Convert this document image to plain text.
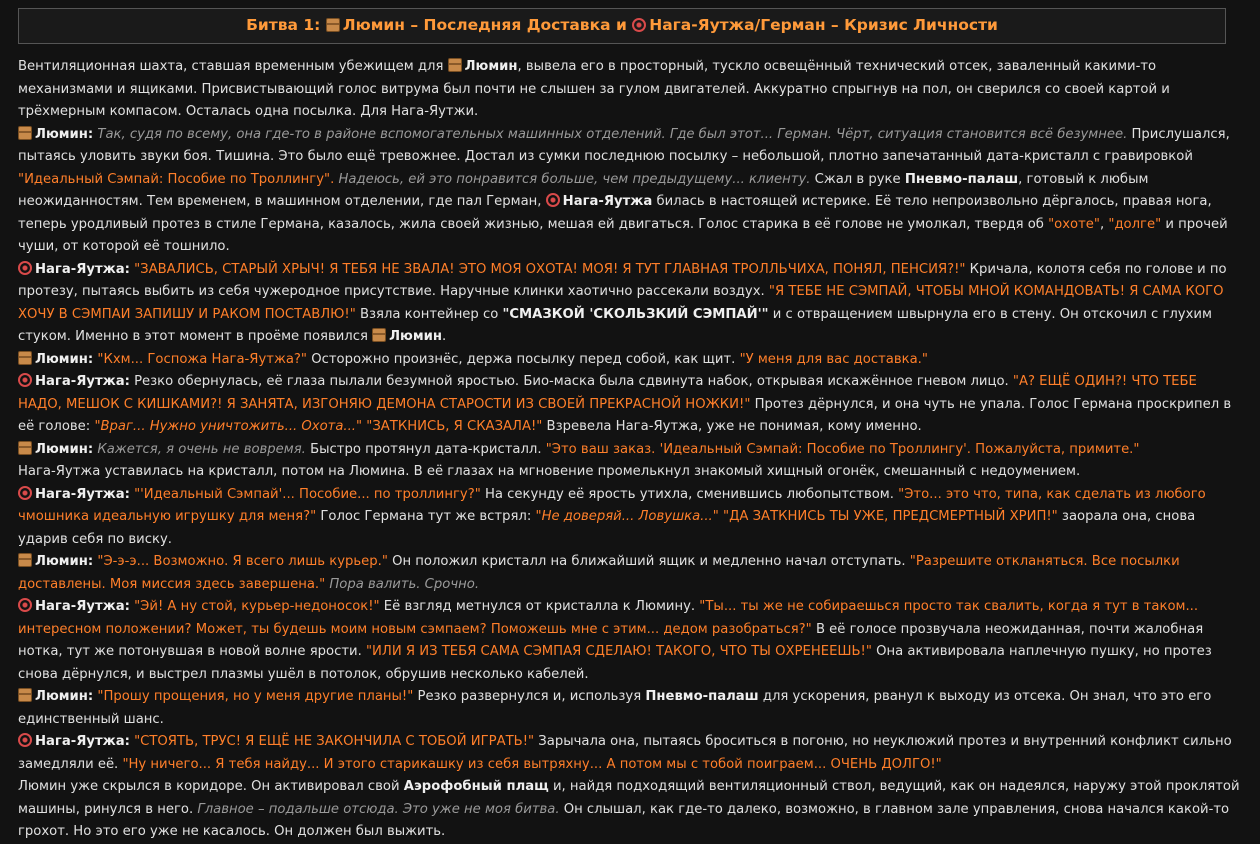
Битва 1: Люмин – Последняя Доставка и Нага-Яутжа/Герман – Кризис Личности

Вентиляционная шахта, ставшая временным убежищем для Люмин, вывела его в просторный, тускло освещённый технический отсек, заваленный какими-то механизмами и ящиками. Присвистывающий голос витрума был почти не слышен за гулом двигателей. Аккуратно спрыгнув на пол, он сверился со своей картой и трёхмерным компасом. Осталась одна посылка. Для Нага-Яутжи.

Люмин: Так, судя по всему, она где-то в районе вспомогательных машинных отделений. Где был этот... Герман. Чёрт, ситуация становится всё безумнее. Прислушался, пытаясь уловить звуки боя. Тишина. Это было ещё тревожнее. Достал из сумки последнюю посылку – небольшой, плотно запечатанный дата-кристалл с гравировкой "Идеальный Сэмпай: Пособие по Троллингу". Надеюсь, ей это понравится больше, чем предыдущему... клиенту. Сжал в руке Пневмо-палаш, готовый к любым неожиданностям. Тем временем, в машинном отделении, где пал Герман, Нага-Яутжа билась в настоящей истерике. Её тело непроизвольно дёргалось, правая нога, теперь уродливый протез в стиле Германа, казалось, жила своей жизнью, мешая ей двигаться. Голос старика в её голове не умолкал, твердя об "охоте", "долге" и прочей чуши, от которой её тошнило.

Нага-Яутжа: "ЗАВАЛИСЬ, СТАРЫЙ ХРЫЧ! Я ТЕБЯ НЕ ЗВАЛА! ЭТО МОЯ ОХОТА! МОЯ! Я ТУТ ГЛАВНАЯ ТРОЛЛЬЧИХА, ПОНЯЛ, ПЕНСИЯ?!" Кричала, колотя себя по голове и по протезу, пытаясь выбить из себя чужеродное присутствие. Наручные клинки хаотично рассекали воздух. "Я ТЕБЕ НЕ СЭМПАЙ, ЧТОБЫ МНОЙ КОМАНДОВАТЬ! Я САМА КОГО ХОЧУ В СЭМПАИ ЗАПИШУ И РАКОМ ПОСТАВЛЮ!" Взяла контейнер со "СМАЗКОЙ 'СКОЛЬЗКИЙ СЭМПАЙ'" и с отвращением швырнула его в стену. Он отскочил с глухим стуком. Именно в этот момент в проёме появился Люмин.

Люмин: "Кхм... Госпожа Нага-Яутжа?" Осторожно произнёс, держа посылку перед собой, как щит. "У меня для вас доставка."

Нага-Яутжа: Резко обернулась, её глаза пылали безумной яростью. Био-маска была сдвинута набок, открывая искажённое гневом лицо. "А? ЕЩЁ ОДИН?! ЧТО ТЕБЕ НАДО, МЕШОК С КИШКАМИ?! Я ЗАНЯТА, ИЗГОНЯЮ ДЕМОНА СТАРОСТИ ИЗ СВОЕЙ ПРЕКРАСНОЙ НОЖКИ!" Протез дёрнулся, и она чуть не упала. Голос Германа проскрипел в её голове: "Враг... Нужно уничтожить... Охота..." "ЗАТКНИСЬ, Я СКАЗАЛА!" Взревела Нага-Яутжа, уже не понимая, кому именно.

Люмин: Кажется, я очень не вовремя. Быстро протянул дата-кристалл. "Это ваш заказ. 'Идеальный Сэмпай: Пособие по Троллингу'. Пожалуйста, примите."

Нага-Яутжа уставилась на кристалл, потом на Люмина. В её глазах на мгновение промелькнул знакомый хищный огонёк, смешанный с недоумением.

Нага-Яутжа: "'Идеальный Сэмпай'... Пособие... по троллингу?" На секунду её ярость утихла, сменившись любопытством. "Это... это что, типа, как сделать из любого чмошника идеальную игрушку для меня?" Голос Германа тут же встрял: "Не доверяй... Ловушка..." "ДА ЗАТКНИСЬ ТЫ УЖЕ, ПРЕДСМЕРТНЫЙ ХРИП!" заорала она, снова ударив себя по виску.

Люмин: "Э-э-э... Возможно. Я всего лишь курьер." Он положил кристалл на ближайший ящик и медленно начал отступать. "Разрешите откланяться. Все посылки доставлены. Моя миссия здесь завершена." Пора валить. Срочно.

Нага-Яутжа: "Эй! А ну стой, курьер-недоносок!" Её взгляд метнулся от кристалла к Люмину. "Ты... ты же не собираешься просто так свалить, когда я тут в таком... интересном положении? Может, ты будешь моим новым сэмпаем? Поможешь мне с этим... дедом разобраться?" В её голосе прозвучала неожиданная, почти жалобная нотка, тут же потонувшая в новой волне ярости. "ИЛИ Я ИЗ ТЕБЯ САМА СЭМПАЯ СДЕЛАЮ! ТАКОГО, ЧТО ТЫ ОХРЕНЕЕШЬ!" Она активировала наплечную пушку, но протез снова дёрнулся, и выстрел плазмы ушёл в потолок, обрушив несколько кабелей.

Люмин: "Прошу прощения, но у меня другие планы!" Резко развернулся и, используя Пневмо-палаш для ускорения, рванул к выходу из отсека. Он знал, что это его единственный шанс.

Нага-Яутжа: "СТОЯТЬ, ТРУС! Я ЕЩЁ НЕ ЗАКОНЧИЛА С ТОБОЙ ИГРАТЬ!" Зарычала она, пытаясь броситься в погоню, но неуклюжий протез и внутренний конфликт сильно замедляли её. "Ну ничего... Я тебя найду... И этого старикашку из себя вытряхну... А потом мы с тобой поиграем... ОЧЕНЬ ДОЛГО!"

Люмин уже скрылся в коридоре. Он активировал свой Аэрофобный плащ и, найдя подходящий вентиляционный ствол, ведущий, как он надеялся, наружу этой проклятой машины, ринулся в него. Главное – подальше отсюда. Это уже не моя битва. Он слышал, как где-то далеко, возможно, в главном зале управления, снова начался какой-то грохот. Но это его уже не касалось. Он должен был выжить.
